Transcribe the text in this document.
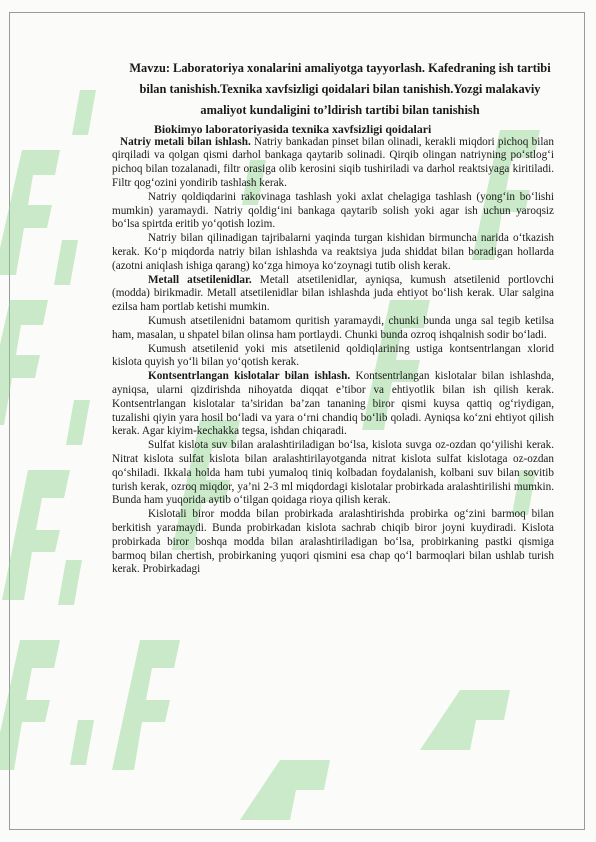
Mavzu: Laboratoriya xonalarini amaliyotga tayyorlash. Kafedraning ish tartibi bilan tanishish.Texnika xavfsizligi qoidalari bilan tanishish.Yozgi malakaviy amaliyot kundaligini to’ldirish tartibi bilan tanishish
Biokimyo laboratoriyasida texnika xavfsizligi qoidalari

Natriy metali bilan ishlash. Natriy bankadan pinset bilan olinadi, kerakli miqdori pichoq bilan qirqiladi va qolgan qismi darhol bankaga qaytarib solinadi. Qirqib olingan natriyning po‘stlog‘i pichoq bilan tozalanadi, filtr orasiga olib kerosini siqib tushiriladi va darhol reaktsiyaga kiritiladi. Filtr qog‘ozini yondirib tashlash kerak.

Natriy qoldiqdarini rakovinaga tashlash yoki axlat chelagiga tashlash (yong‘in bo‘lishi mumkin) yaramaydi. Natriy qoldig‘ini bankaga qaytarib solish yoki agar ish uchun yaroqsiz bo‘lsa spirtda eritib yo‘qotish lozim.

Natriy bilan qilinadigan tajribalarni yaqinda turgan kishidan birmuncha narida o‘tkazish kerak. Ko‘p miqdorda natriy bilan ishlashda va reaktsiya juda shiddat bilan boradigan hollarda (azotni aniqlash ishiga qarang) ko‘zga himoya ko‘zoynagi tutib olish kerak.

Metall atsetilenidlar. Metall atsetilenidlar, ayniqsa, kumush atsetilenid portlovchi (modda) birikmadir. Metall atsetilenidlar bilan ishlashda juda ehtiyot bo‘lish kerak. Ular salgina ezilsa ham portlab ketishi mumkin.

Kumush atsetilenidni batamom quritish yaramaydi, chunki bunda unga sal tegib ketilsa ham, masalan, u shpatel bilan olinsa ham portlaydi. Chunki bunda ozroq ishqalnish sodir bo‘ladi.

Kumush atsetilenid yoki mis atsetilenid qoldiqlarining ustiga kontsentrlangan xlorid kislota quyish yo‘li bilan yo‘qotish kerak.

Kontsentrlangan kislotalar bilan ishlash. Kontsentrlangan kislotalar bilan ishlashda, ayniqsa, ularni qizdirishda nihoyatda diqqat e’tibor va ehtiyotlik bilan ish qilish kerak. Kontsentrlangan kislotalar ta’siridan ba’zan tananing biror qismi kuysa qattiq og‘riydigan, tuzalishi qiyin yara hosil bo‘ladi va yara o‘rni chandiq bo‘lib qoladi. Ayniqsa ko‘zni ehtiyot qilish kerak. Agar kiyim-kechakka tegsa, ishdan chiqaradi.

Sulfat kislota suv bilan aralashtiriladigan bo‘lsa, kislota suvga oz-ozdan qo‘yilishi kerak. Nitrat kislota sulfat kislota bilan aralashtirilayotganda nitrat kislota sulfat kislotaga oz-ozdan qo‘shiladi. Ikkala holda ham tubi yumaloq tiniq kolbadan foydalanish, kolbani suv bilan sovitib turish kerak, ozroq miqdor, ya’ni 2-3 ml miqdordagi kislotalar probirkada aralashtirilishi mumkin. Bunda ham yuqorida aytib o‘tilgan qoidaga rioya qilish kerak.

Kislotali biror modda bilan probirkada aralashtirishda probirka og‘zini barmoq bilan berkitish yaramaydi. Bunda probirkadan kislota sachrab chiqib biror joyni kuydiradi. Kislota probirkada biror boshqa modda bilan aralashtiriladigan bo‘lsa, probirkaning pastki qismiga barmoq bilan chertish, probirkaning yuqori qismini esa chap qo‘l barmoqlari bilan ushlab turish kerak. Probirkadagi
